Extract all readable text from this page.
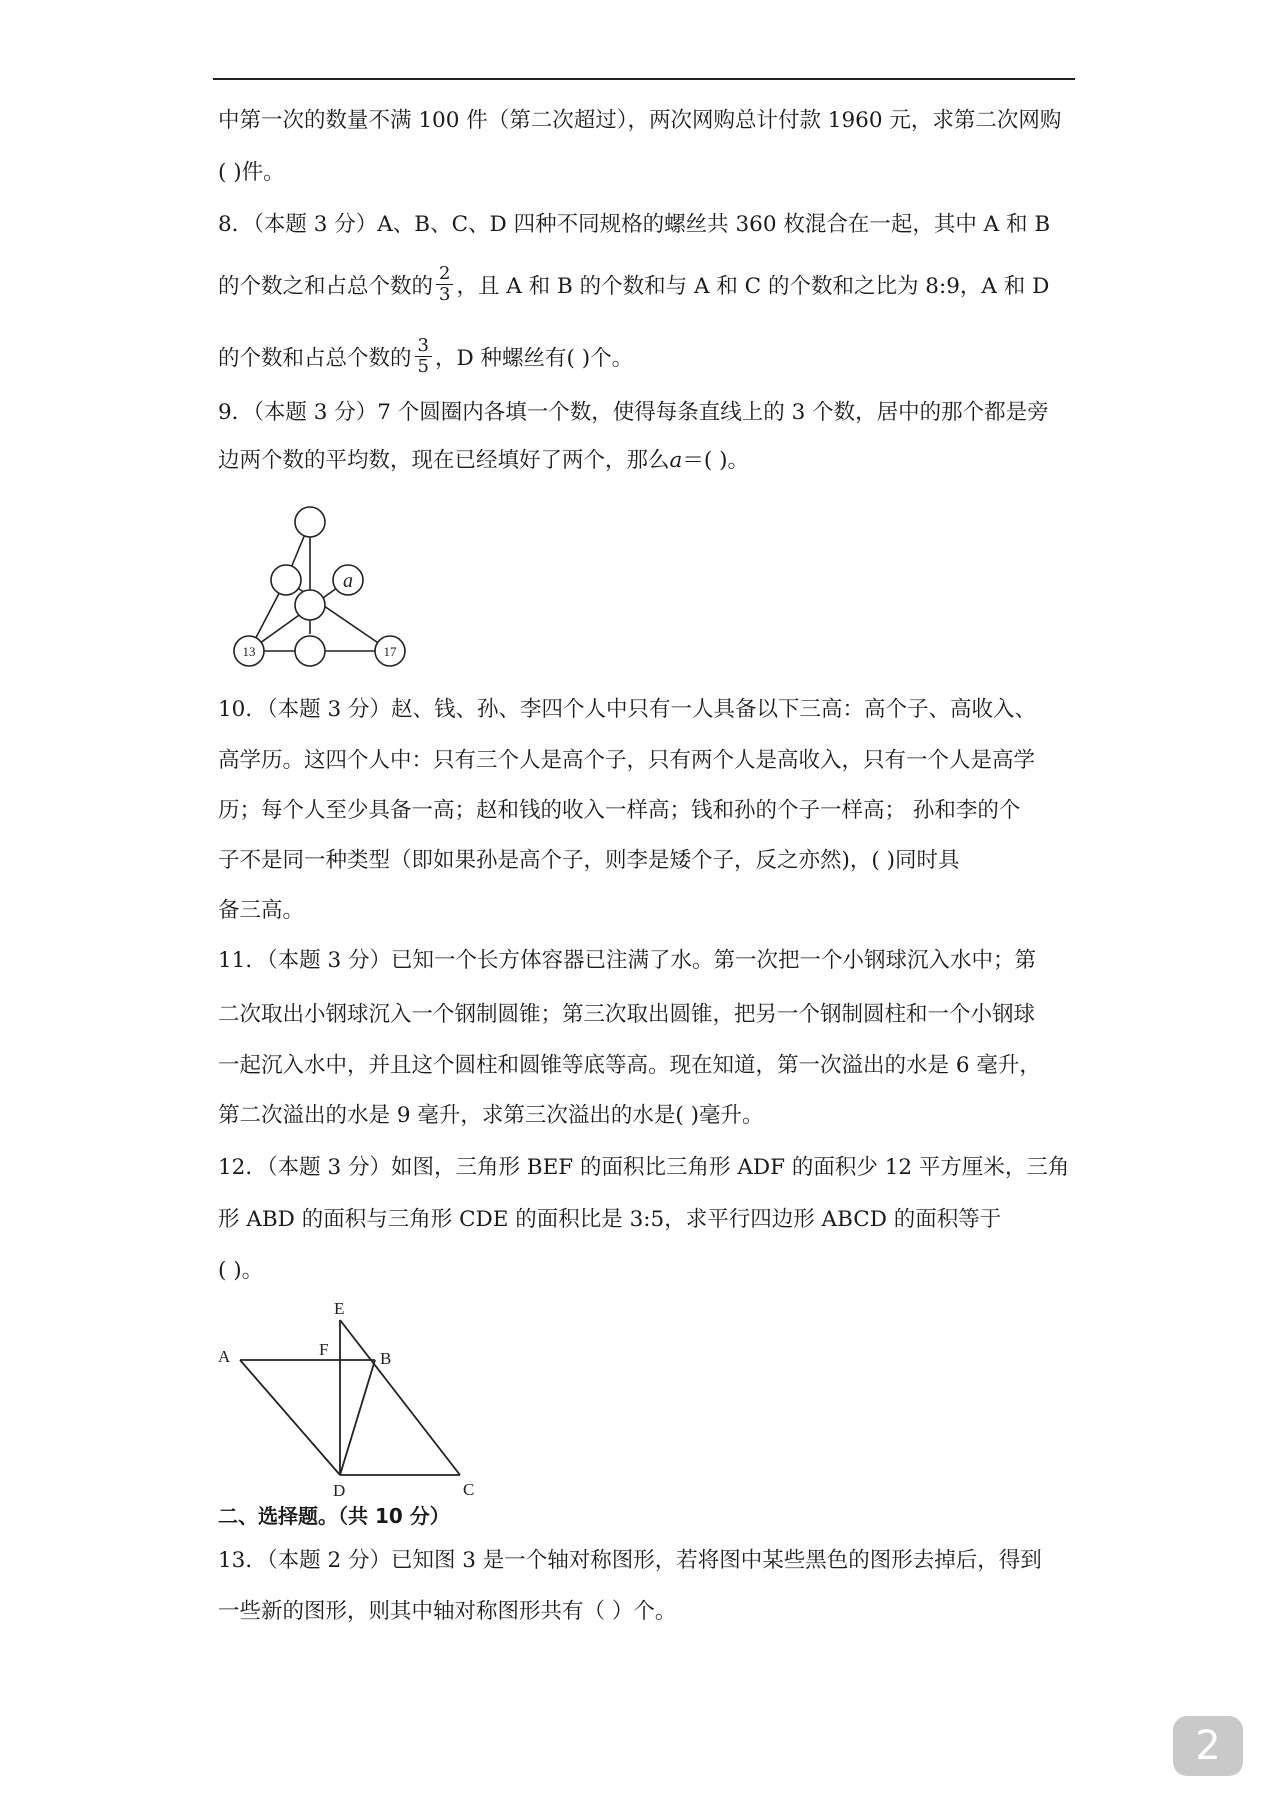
中第一次的数量不满 100 件（第二次超过），两次网购总计付款 1960 元，求第二次网购
( )件。
8．（本题 3 分）A、B、C、D 四种不同规格的螺丝共 360 枚混合在一起，其中 A 和 B
的个数之和占总个数的 $\frac{2}{3}$ ，且 A 和 B 的个数和与 A 和 C 的个数和之比为 8:9，A 和 D
的个数和占总个数的 $\frac{3}{5}$ ，D 种螺丝有( )个。
9．（本题 3 分）7 个圆圈内各填一个数，使得每条直线上的 3 个数，居中的那个都是旁
边两个数的平均数，现在已经填好了两个，那么a＝( )。
a
13	17
10．（本题 3 分）赵、钱、孙、李四个人中只有一人具备以下三高：高个子、高收入、
高学历。这四个人中：只有三个人是高个子，只有两个人是高收入，只有一个人是高学
历；每个人至少具备一高；赵和钱的收入一样高；钱和孙的个子一样高； 孙和李的个
子不是同一种类型（即如果孙是高个子，则李是矮个子，反之亦然)，( )同时具
备三高。
11．（本题 3 分）已知一个长方体容器已注满了水。第一次把一个小钢球沉入水中；第
二次取出小钢球沉入一个钢制圆锥；第三次取出圆锥，把另一个钢制圆柱和一个小钢球
一起沉入水中，并且这个圆柱和圆锥等底等高。现在知道，第一次溢出的水是 6 毫升，
第二次溢出的水是 9 毫升，求第三次溢出的水是( )毫升。
12．（本题 3 分）如图，三角形 BEF 的面积比三角形 ADF 的面积少 12 平方厘米，三角
形 ABD 的面积与三角形 CDE 的面积比是 3:5，求平行四边形 ABCD 的面积等于
( )。
A	B
C
D
E
F
二、选择题。（共 10 分）
13．（本题 2 分）已知图 3 是一个轴对称图形，若将图中某些黑色的图形去掉后，得到
一些新的图形，则其中轴对称图形共有（ ）个。
2
